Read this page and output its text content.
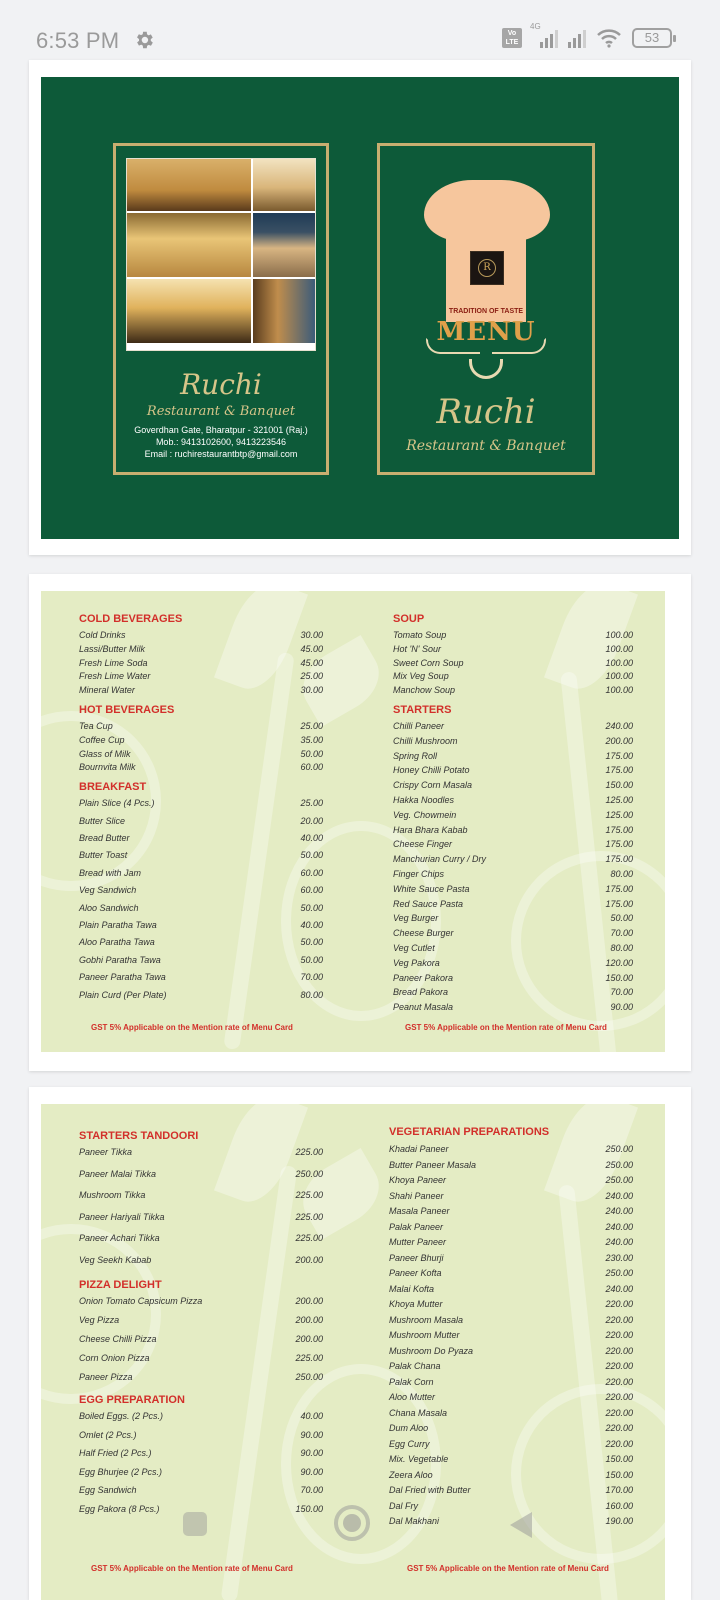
6:53 PM	Vo LTE
4G
53
Ruchi
Restaurant & Banquet
Goverdhan Gate, Bharatpur - 321001 (Raj.)
Mob.: 9413102600, 9413223546
Email : ruchirestaurantbtp@gmail.com
R
TRADITION OF TASTE
MENU
Ruchi
Restaurant & Banquet
COLD BEVERAGES
Cold Drinks	30.00
Lassi/Butter Milk	45.00
Fresh Lime Soda	45.00
Fresh Lime Water	25.00
Mineral Water	30.00
HOT BEVERAGES
Tea Cup	25.00
Coffee Cup	35.00
Glass of Milk	50.00
Bournvita Milk	60.00
BREAKFAST
Plain Slice (4 Pcs.)	25.00
Butter Slice	20.00
Bread Butter	40.00
Butter Toast	50.00
Bread with Jam	60.00
Veg Sandwich	60.00
Aloo Sandwich	50.00
Plain Paratha Tawa	40.00
Aloo Paratha Tawa	50.00
Gobhi Paratha Tawa	50.00
Paneer Paratha Tawa	70.00
Plain Curd (Per Plate)	80.00
GST 5% Applicable on the Mention rate of Menu Card
SOUP
Tomato Soup	100.00
Hot 'N' Sour	100.00
Sweet Corn Soup	100.00
Mix Veg Soup	100.00
Manchow Soup	100.00
STARTERS
Chilli Paneer	240.00
Chilli Mushroom	200.00
Spring Roll	175.00
Honey Chilli Potato	175.00
Crispy Corn Masala	150.00
Hakka Noodles	125.00
Veg. Chowmein	125.00
Hara Bhara Kabab	175.00
Cheese Finger	175.00
Manchurian Curry / Dry	175.00
Finger Chips	80.00
White Sauce Pasta	175.00
Red Sauce Pasta	175.00
Veg Burger	50.00
Cheese Burger	70.00
Veg Cutlet	80.00
Veg Pakora	120.00
Paneer Pakora	150.00
Bread Pakora	70.00
Peanut Masala	90.00
GST 5% Applicable on the Mention rate of Menu Card
STARTERS TANDOORI
Paneer Tikka	225.00
Paneer Malai Tikka	250.00
Mushroom Tikka	225.00
Paneer Hariyali Tikka	225.00
Paneer Achari Tikka	225.00
Veg Seekh Kabab	200.00
PIZZA DELIGHT
Onion Tomato Capsicum Pizza	200.00
Veg Pizza	200.00
Cheese Chilli Pizza	200.00
Corn Onion Pizza	225.00
Paneer Pizza	250.00
EGG PREPARATION
Boiled Eggs. (2 Pcs.)	40.00
Omlet (2 Pcs.)	90.00
Half Fried (2 Pcs.)	90.00
Egg Bhurjee (2 Pcs.)	90.00
Egg Sandwich	70.00
Egg Pakora (8 Pcs.)	150.00
GST 5% Applicable on the Mention rate of Menu Card
VEGETARIAN PREPARATIONS
Khadai Paneer	250.00
Butter Paneer Masala	250.00
Khoya Paneer	250.00
Shahi Paneer	240.00
Masala Paneer	240.00
Palak Paneer	240.00
Mutter Paneer	240.00
Paneer Bhurji	230.00
Paneer Kofta	250.00
Malai Kofta	240.00
Khoya Mutter	220.00
Mushroom Masala	220.00
Mushroom Mutter	220.00
Mushroom Do Pyaza	220.00
Palak Chana	220.00
Palak Corn	220.00
Aloo Mutter	220.00
Chana Masala	220.00
Dum Aloo	220.00
Egg Curry	220.00
Mix. Vegetable	150.00
Zeera Aloo	150.00
Dal Fried with Butter	170.00
Dal Fry	160.00
Dal Makhani	190.00
GST 5% Applicable on the Mention rate of Menu Card
